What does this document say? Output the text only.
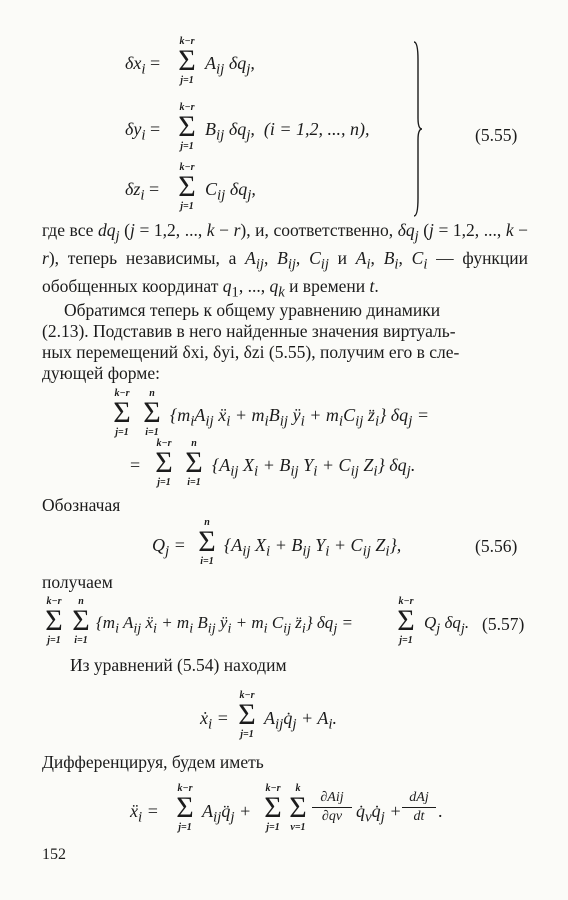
$\delta x_i$ =
k−r
Σ
j=1
$A_{ij}$ $\delta q_j$,
$\delta y_i$ =
k−r
Σ
j=1
$B_{ij}$ $\delta q_j$,  (i = 1,2, ..., n),
$\delta z_i$ =
k−r
Σ
j=1
$C_{ij}$ $\delta q_j$,
(5.55)
где все $dq_j$ (j = 1,2, ..., k − r), и, соответственно, $\delta q_j$ (j = 1,2, ..., k − r), теперь независимы, а $A_{ij}$, $B_{ij}$, $C_{ij}$ и $A_i$, $B_i$, $C_i$ — функции обобщенных координат $q_1$, ..., $q_k$ и времени t.
Обратимся теперь к общему уравнению динамики
(2.13). Подставив в него найденные значения виртуаль-
ных перемещений δxi, δyi, δzi (5.55), получим его в сле-
дующей форме:
k−r
Σ
j=1
n
Σ
i=1
{$m_iA_{ij}$ ẍ$_i$ + $m_iB_{ij}$ $ÿ_i + m_iC_{ij}$ $z̈_i$} $\delta q_j$ =
=
k−r
Σ
j=1
n
Σ
i=1
{$A_{ij}$ $X_i + B_{ij}$ $Y_i + C_{ij}$ $Z_i$} $\delta q_j$.
Обозначая
$Q_j$ =
n
Σ
i=1
{$A_{ij}$ $X_i + B_{ij}$ $Y_i + C_{ij}$ $Z_i$},	(5.56)
получаем
k−r
Σ
j=1
n
Σ
i=1
{$m_i$ $A_{ij}$ ẍ$_i$ + $m_i$ $B_{ij}$ $ÿ_i + m_i$ $C_{ij}$ $z̈_i$} $\delta q_j$ =
k−r
Σ
j=1
$Q_j$ $\delta q_j$. (5.57)
Из уравнений (5.54) находим
ẋ$_i$ =
k−r
Σ
j=1
$A_{ij}q̇_j + A_i$.
Дифференцируя, будем иметь
ẍ$_i$ =
k−r
Σ
j=1
$A_{ij}q̈_j$ +
k−r
Σ
j=1
k
Σ
ν=1
∂Aij
∂qν $q̇_\nu q̇_j$ +
dAj
dt .
152
